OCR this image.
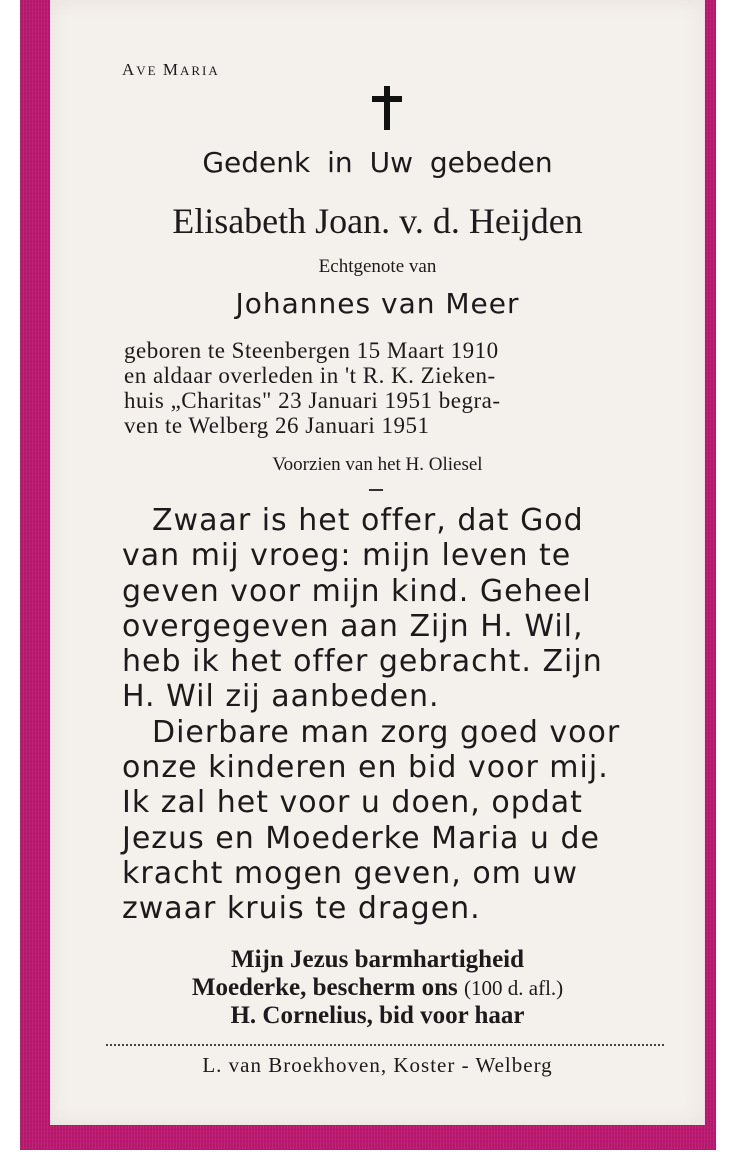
AVE MARIA
Gedenk in Uw gebeden
Elisabeth Joan. v. d. Heijden
Echtgenote van
Johannes van Meer
geboren te Steenbergen 15 Maart 1910
en aldaar overleden in 't R. K. Zieken-
huis „Charitas" 23 Januari 1951 begra-
ven te Welberg 26 Januari 1951
Voorzien van het H. Oliesel
Zwaar is het offer, dat God
van mij vroeg: mijn leven te
geven voor mijn kind. Geheel
overgegeven aan Zijn H. Wil,
heb ik het offer gebracht. Zijn
H. Wil zij aanbeden.
Dierbare man zorg goed voor
onze kinderen en bid voor mij.
Ik zal het voor u doen, opdat
Jezus en Moederke Maria u de
kracht mogen geven, om uw
zwaar kruis te dragen.
Mijn Jezus barmhartigheid
Moederke, bescherm ons (100 d. afl.)
H. Cornelius, bid voor haar
L. van Broekhoven, Koster - Welberg
